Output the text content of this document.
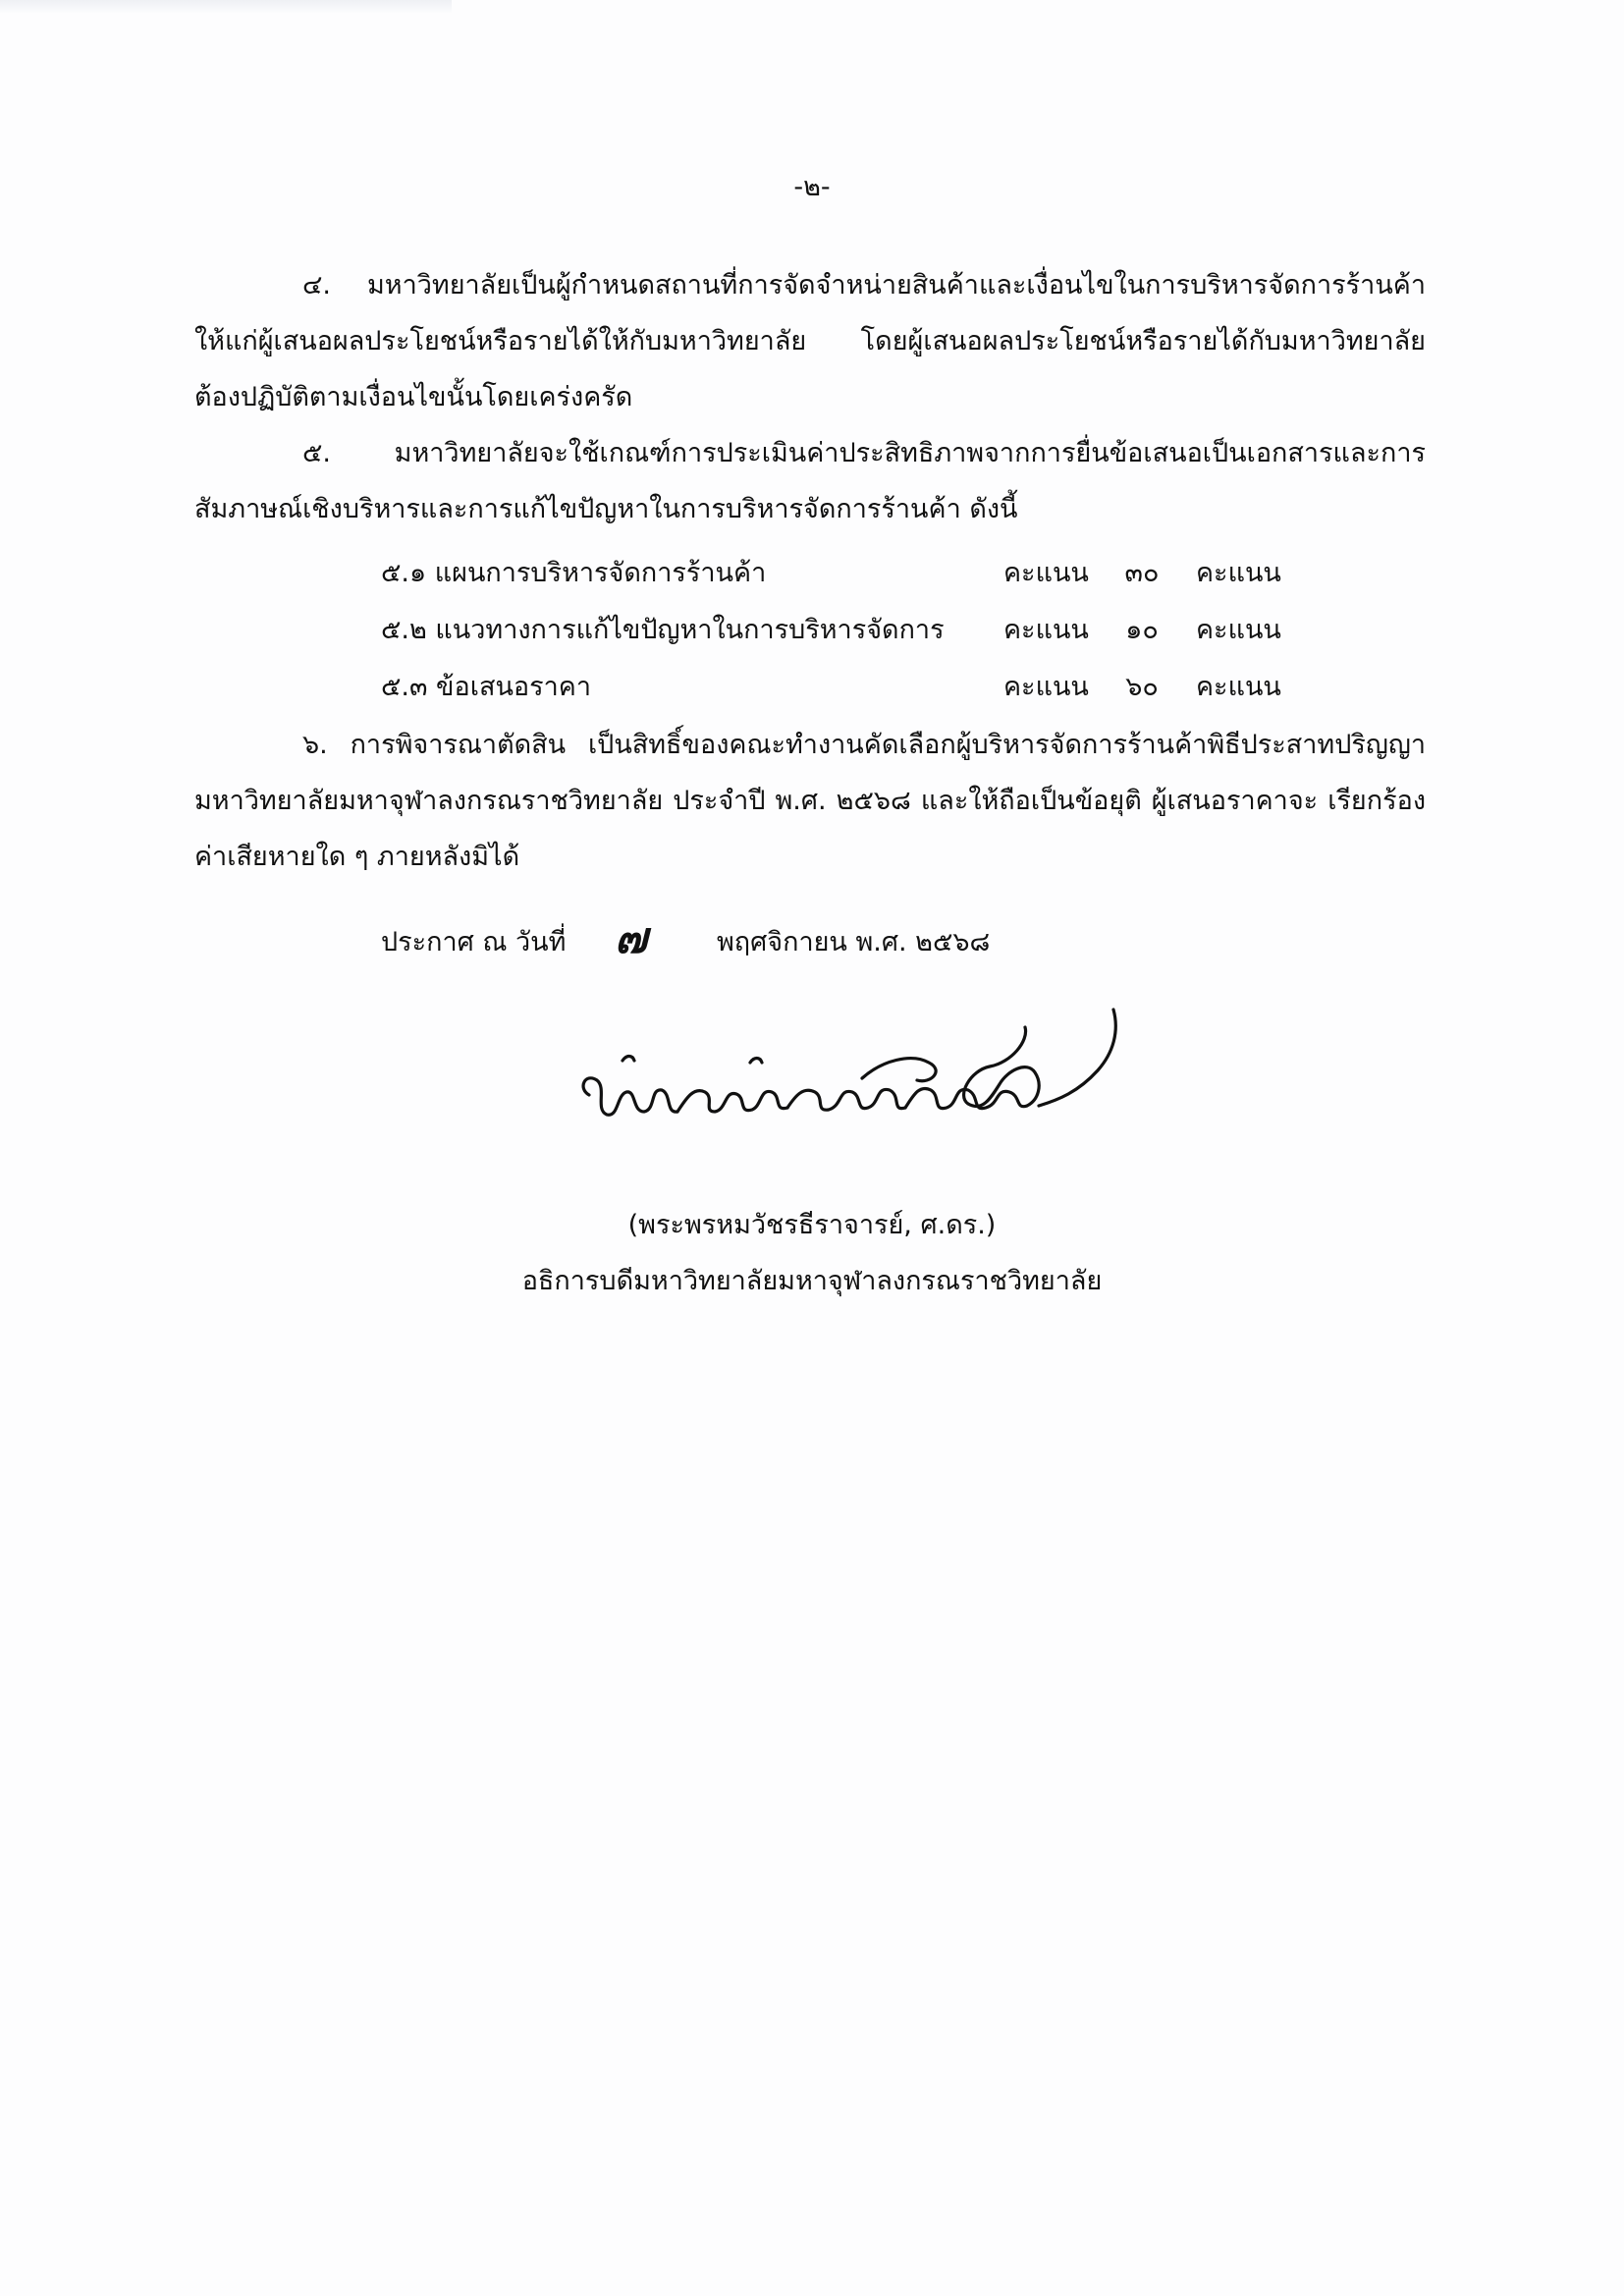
-๒-

๔. มหาวิทยาลัยเป็นผู้กำหนดสถานที่การจัดจำหน่ายสินค้าและเงื่อนไขในการบริหารจัดการร้านค้า ให้แก่ผู้เสนอผลประโยชน์หรือรายได้ให้กับมหาวิทยาลัย โดยผู้เสนอผลประโยชน์หรือรายได้กับมหาวิทยาลัย ต้องปฏิบัติตามเงื่อนไขนั้นโดยเคร่งครัด

๕. มหาวิทยาลัยจะใช้เกณฑ์การประเมินค่าประสิทธิภาพจากการยื่นข้อเสนอเป็นเอกสารและการ สัมภาษณ์เชิงบริหารและการแก้ไขปัญหาในการบริหารจัดการร้านค้า ดังนี้

๕.๑ แผนการบริหารจัดการร้านค้า	คะแนน	๓๐	คะแนน
๕.๒ แนวทางการแก้ไขปัญหาในการบริหารจัดการ คะแนน	๑๐	คะแนน
๕.๓ ข้อเสนอราคา	คะแนน	๖๐	คะแนน

๖. การพิจารณาตัดสิน เป็นสิทธิ์ของคณะทำงานคัดเลือกผู้บริหารจัดการร้านค้าพิธีประสาทปริญญา มหาวิทยาลัยมหาจุฬาลงกรณราชวิทยาลัย ประจำปี พ.ศ. ๒๕๖๘ และให้ถือเป็นข้อยุติ ผู้เสนอราคาจะ เรียกร้องค่าเสียหายใด ๆ ภายหลังมิได้

ประกาศ ณ วันที่ ๗	พฤศจิกายน พ.ศ. ๒๕๖๘
(พระพรหมวัชรธีราจารย์, ศ.ดร.)
อธิการบดีมหาวิทยาลัยมหาจุฬาลงกรณราชวิทยาลัย
